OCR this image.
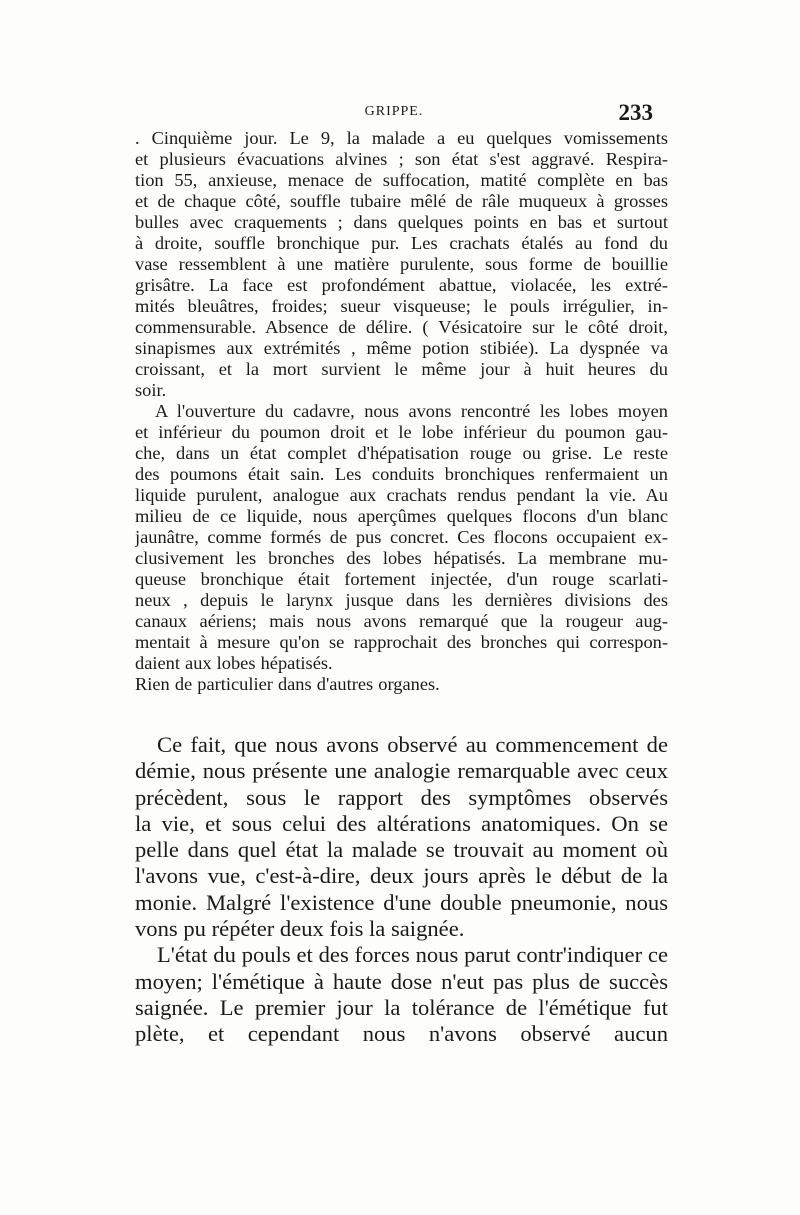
GRIPPE.	233
. Cinquième jour. Le 9, la malade a eu quelques vomissements
et plusieurs évacuations alvines ; son état s'est aggravé. Respira-
tion 55, anxieuse, menace de suffocation, matité complète en bas
et de chaque côté, souffle tubaire mêlé de râle muqueux à grosses
bulles avec craquements ; dans quelques points en bas et surtout
à droite, souffle bronchique pur. Les crachats étalés au fond du
vase ressemblent à une matière purulente, sous forme de bouillie
grisâtre. La face est profondément abattue, violacée, les extré-
mités bleuâtres, froides; sueur visqueuse; le pouls irrégulier, in-
commensurable. Absence de délire. ( Vésicatoire sur le côté droit,
sinapismes aux extrémités , même potion stibiée). La dyspnée va
croissant, et la mort survient le même jour à huit heures du
soir.
A l'ouverture du cadavre, nous avons rencontré les lobes moyen
et inférieur du poumon droit et le lobe inférieur du poumon gau-
che, dans un état complet d'hépatisation rouge ou grise. Le reste
des poumons était sain. Les conduits bronchiques renfermaient un
liquide purulent, analogue aux crachats rendus pendant la vie. Au
milieu de ce liquide, nous aperçûmes quelques flocons d'un blanc
jaunâtre, comme formés de pus concret. Ces flocons occupaient ex-
clusivement les bronches des lobes hépatisés. La membrane mu-
queuse bronchique était fortement injectée, d'un rouge scarlati-
neux , depuis le larynx jusque dans les dernières divisions des
canaux aériens; mais nous avons remarqué que la rougeur aug-
mentait à mesure qu'on se rapprochait des bronches qui correspon-
daient aux lobes hépatisés.
Rien de particulier dans d'autres organes.
Ce fait, que nous avons observé au commencement de
démie, nous présente une analogie remarquable avec ceux
précèdent, sous le rapport des symptômes observés
la vie, et sous celui des altérations anatomiques. On se
pelle dans quel état la malade se trouvait au moment où
l'avons vue, c'est-à-dire, deux jours après le début de la
monie. Malgré l'existence d'une double pneumonie, nous
vons pu répéter deux fois la saignée.
L'état du pouls et des forces nous parut contr'indiquer ce
moyen; l'émétique à haute dose n'eut pas plus de succès
saignée. Le premier jour la tolérance de l'émétique fut
plète, et cependant nous n'avons observé aucun
